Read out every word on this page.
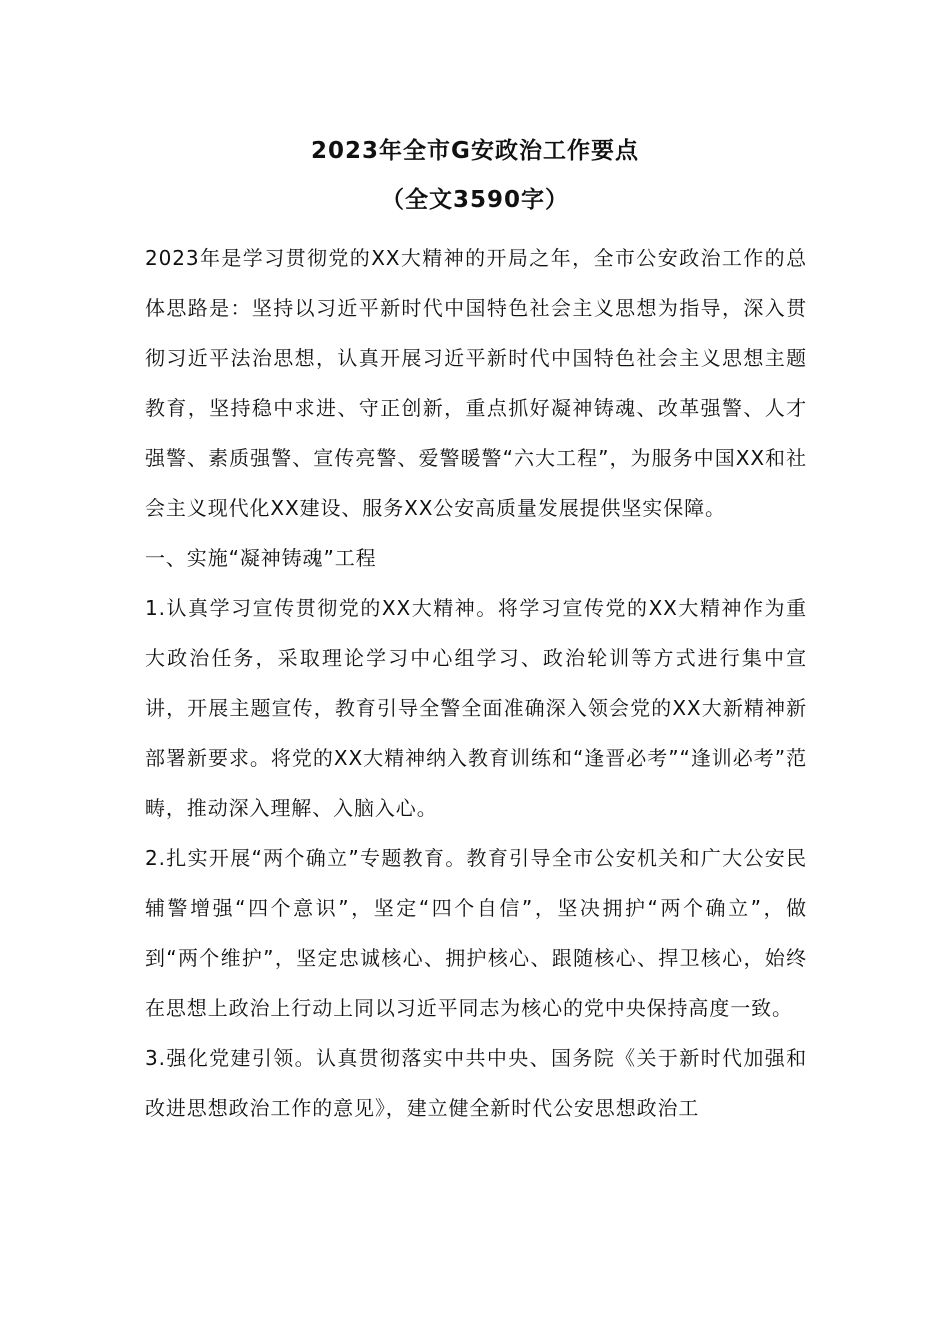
2023年全市G安政治工作要点
（全文3590字）

2023年是学习贯彻党的XX大精神的开局之年，全市公安政治工作的总体思路是：坚持以习近平新时代中国特色社会主义思想为指导，深入贯彻习近平法治思想，认真开展习近平新时代中国特色社会主义思想主题教育，坚持稳中求进、守正创新，重点抓好凝神铸魂、改革强警、人才强警、素质强警、宣传亮警、爱警暖警“六大工程”，为服务中国XX和社会主义现代化XX建设、服务XX公安高质量发展提供坚实保障。

一、实施“凝神铸魂”工程

1.认真学习宣传贯彻党的XX大精神。将学习宣传党的XX大精神作为重大政治任务，采取理论学习中心组学习、政治轮训等方式进行集中宣讲，开展主题宣传，教育引导全警全面准确深入领会党的XX大新精神新部署新要求。将党的XX大精神纳入教育训练和“逢晋必考”“逢训必考”范畴，推动深入理解、入脑入心。

2.扎实开展“两个确立”专题教育。教育引导全市公安机关和广大公安民辅警增强“四个意识”，坚定“四个自信”，坚决拥护“两个确立”，做到“两个维护”，坚定忠诚核心、拥护核心、跟随核心、捍卫核心，始终在思想上政治上行动上同以习近平同志为核心的党中央保持高度一致。

3.强化党建引领。认真贯彻落实中共中央、国务院《关于新时代加强和改进思想政治工作的意见》，建立健全新时代公安思想政治工
